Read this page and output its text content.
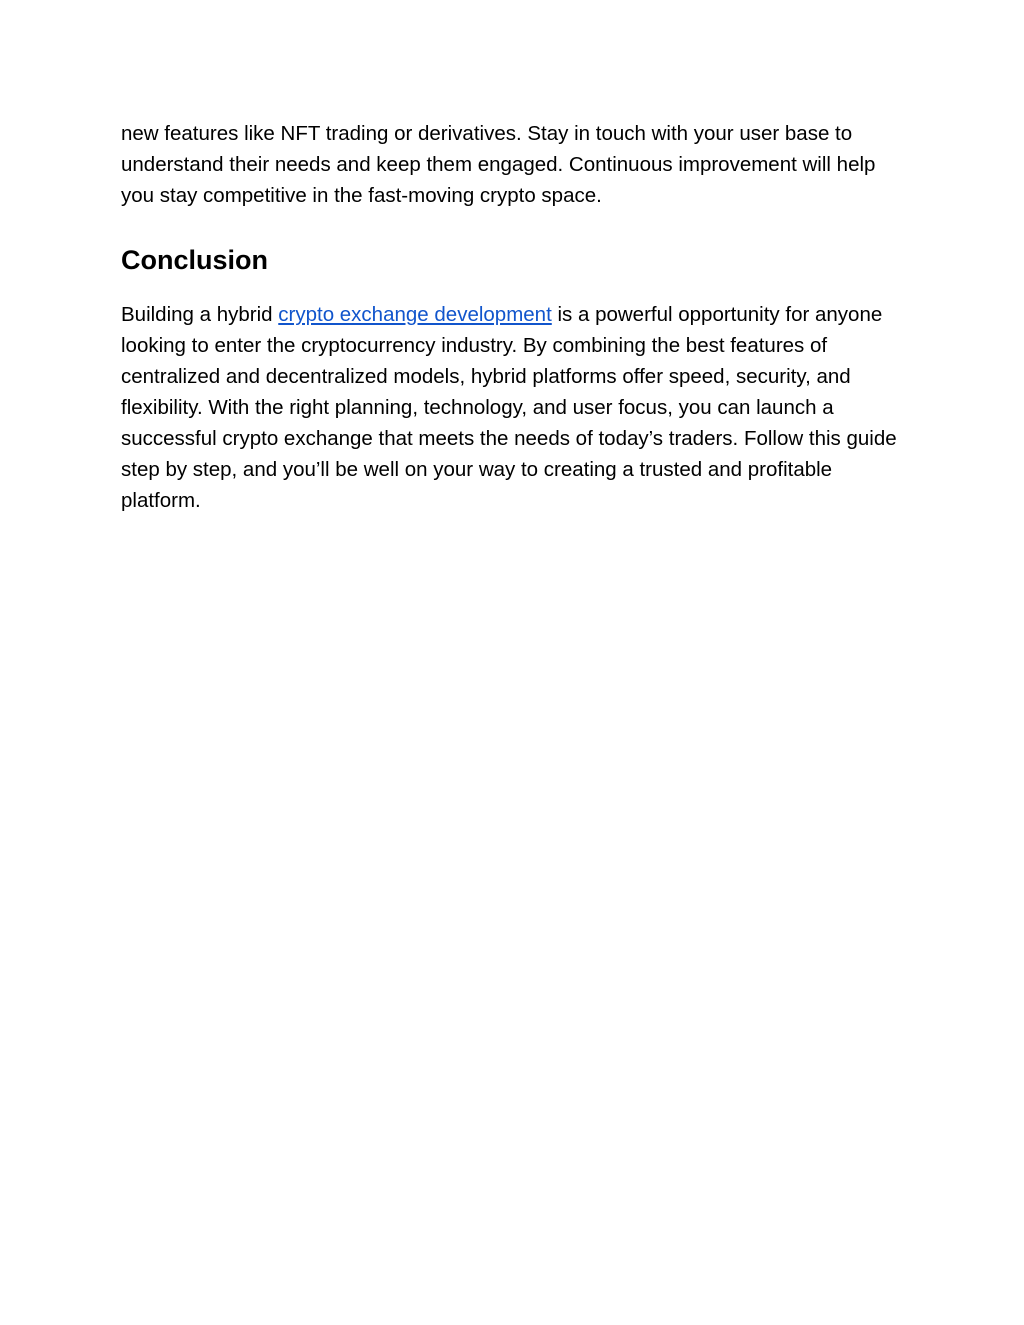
new features like NFT trading or derivatives. Stay in touch with your user base to understand their needs and keep them engaged. Continuous improvement will help you stay competitive in the fast-moving crypto space.

Conclusion

Building a hybrid crypto exchange development is a powerful opportunity for anyone looking to enter the cryptocurrency industry. By combining the best features of centralized and decentralized models, hybrid platforms offer speed, security, and flexibility. With the right planning, technology, and user focus, you can launch a successful crypto exchange that meets the needs of today’s traders. Follow this guide step by step, and you’ll be well on your way to creating a trusted and profitable platform.
